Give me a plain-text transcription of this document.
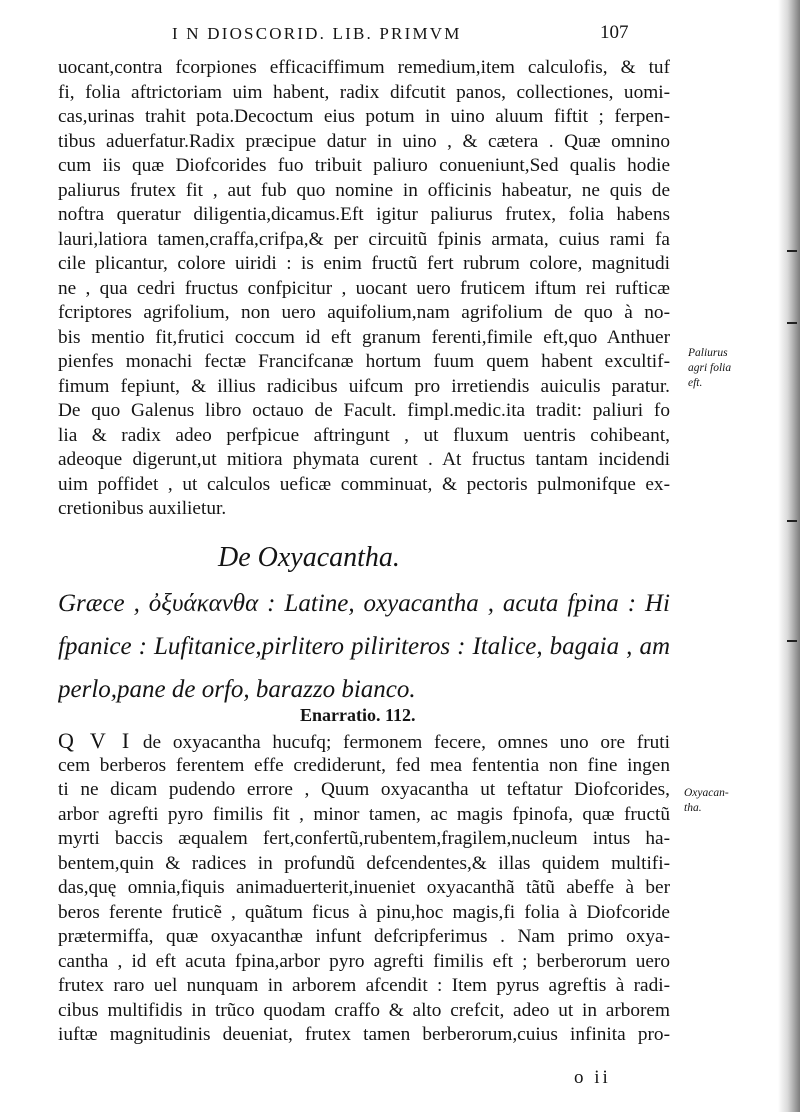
I N DIOSCORID. LIB. PRIMVM	107
uocant,contra fcorpiones efficaciffimum remedium,item calculofis, & tuf
fi, folia aftrictoriam uim habent, radix difcutit panos, collectiones, uomi-
cas,urinas trahit pota.Decoctum eius potum in uino aluum fiftit ; ferpen-
tibus aduerfatur.Radix præcipue datur in uino , & cætera . Quæ omnino
cum iis quæ Diofcorides fuo tribuit paliuro conueniunt,Sed qualis hodie
paliurus frutex fit , aut fub quo nomine in officinis habeatur, ne quis de
noftra queratur diligentia,dicamus.Eft igitur paliurus frutex, folia habens
lauri,latiora tamen,craffa,crifpa,& per circuitũ fpinis armata, cuius rami fa
cile plicantur, colore uiridi : is enim fructũ fert rubrum colore, magnitudi
ne , qua cedri fructus confpicitur , uocant uero fruticem iftum rei rufticæ
fcriptores agrifolium, non uero aquifolium,nam agrifolium de quo à no-
bis mentio fit,frutici coccum id eft granum ferenti,fimile eft,quo Anthuer
pienfes monachi fectæ Francifcanæ hortum fuum quem habent excultif-
fimum fepiunt, & illius radicibus uifcum pro irretiendis auiculis paratur.
De quo Galenus libro octauo de Facult. fimpl.medic.ita tradit: paliuri fo
lia & radix adeo perfpicue aftringunt , ut fluxum uentris cohibeant,
adeoque digerunt,ut mitiora phymata curent . At fructus tantam incidendi
uim poffidet , ut calculos ueficæ comminuat, & pectoris pulmonifque ex-
cretionibus auxilietur.
Paliurus
agri folia
eft.
De Oxyacantha.
Græce , ὀξυάκανθα : Latine, oxyacantha , acuta fpina : Hi
fpanice : Lufitanice,pirlitero piliriteros : Italice, bagaia , am
perlo,pane de orfo, barazzo bianco.
Enarratio. 112.
Q V I de oxyacantha hucufq; fermonem fecere, omnes uno ore fruti
cem berberos ferentem effe crediderunt, fed mea fententia non fine ingen
ti ne dicam pudendo errore , Quum oxyacantha ut teftatur Diofcorides,
arbor agrefti pyro fimilis fit , minor tamen, ac magis fpinofa, quæ fructũ
myrti baccis æqualem fert,confertũ,rubentem,fragilem,nucleum intus ha-
bentem,quin & radices in profundũ defcendentes,& illas quidem multifi-
das,quę omnia,fiquis animaduerterit,inueniet oxyacanthã tãtũ abeffe à ber
beros ferente fruticẽ , quãtum ficus à pinu,hoc magis,fi folia à Diofcoride
prætermiffa, quæ oxyacanthæ infunt defcripferimus . Nam primo oxya-
cantha , id eft acuta fpina,arbor pyro agrefti fimilis eft ; berberorum uero
frutex raro uel nunquam in arborem afcendit : Item pyrus agreftis à radi-
cibus multifidis in trũco quodam craffo & alto crefcit, adeo ut in arborem
iuftæ magnitudinis deueniat, frutex tamen berberorum,cuius infinita pro-
Oxyacan-
tha.
o ii
